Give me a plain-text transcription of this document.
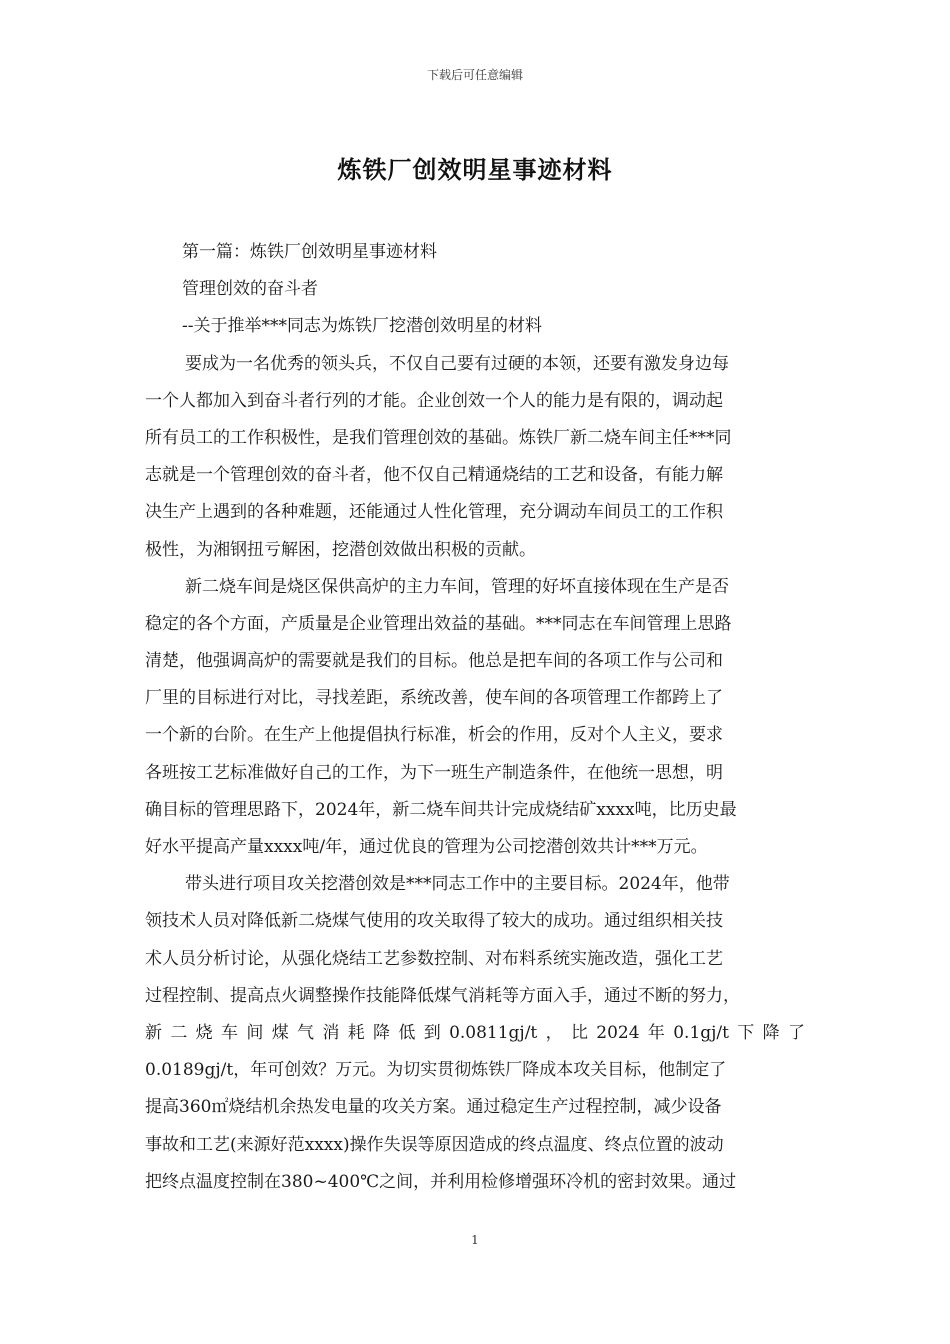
下载后可任意编辑
炼铁厂创效明星事迹材料
第一篇：炼铁厂创效明星事迹材料
管理创效的奋斗者
--关于推举***同志为炼铁厂挖潜创效明星的材料
要成为一名优秀的领头兵，不仅自己要有过硬的本领，还要有激发身边每
一个人都加入到奋斗者行列的才能。企业创效一个人的能力是有限的，调动起
所有员工的工作积极性，是我们管理创效的基础。炼铁厂新二烧车间主任***同
志就是一个管理创效的奋斗者，他不仅自己精通烧结的工艺和设备，有能力解
决生产上遇到的各种难题，还能通过人性化管理，充分调动车间员工的工作积
极性，为湘钢扭亏解困，挖潜创效做出积极的贡献。
新二烧车间是烧区保供高炉的主力车间，管理的好坏直接体现在生产是否
稳定的各个方面，产质量是企业管理出效益的基础。***同志在车间管理上思路
清楚，他强调高炉的需要就是我们的目标。他总是把车间的各项工作与公司和
厂里的目标进行对比，寻找差距，系统改善，使车间的各项管理工作都跨上了
一个新的台阶。在生产上他提倡执行标准，析会的作用，反对个人主义，要求
各班按工艺标准做好自己的工作，为下一班生产制造条件，在他统一思想，明
确目标的管理思路下，2024年，新二烧车间共计完成烧结矿xxxx吨，比历史最
好水平提高产量xxxx吨/年，通过优良的管理为公司挖潜创效共计***万元。
带头进行项目攻关挖潜创效是***同志工作中的主要目标。2024年，他带
领技术人员对降低新二烧煤气使用的攻关取得了较大的成功。通过组织相关技
术人员分析讨论，从强化烧结工艺参数控制、对布料系统实施改造，强化工艺
过程控制、提高点火调整操作技能降低煤气消耗等方面入手，通过不断的努力，
新二烧车间煤气消耗降低到0.0811gj/t，比2024年0.1gj/t下降了
0.0189gj/t，年可创效？万元。为切实贯彻炼铁厂降成本攻关目标，他制定了
提高360㎡烧结机余热发电量的攻关方案。通过稳定生产过程控制，减少设备
事故和工艺(来源好范xxxx)操作失误等原因造成的终点温度、终点位置的波动
把终点温度控制在380~400℃之间，并利用检修增强环冷机的密封效果。通过
1
